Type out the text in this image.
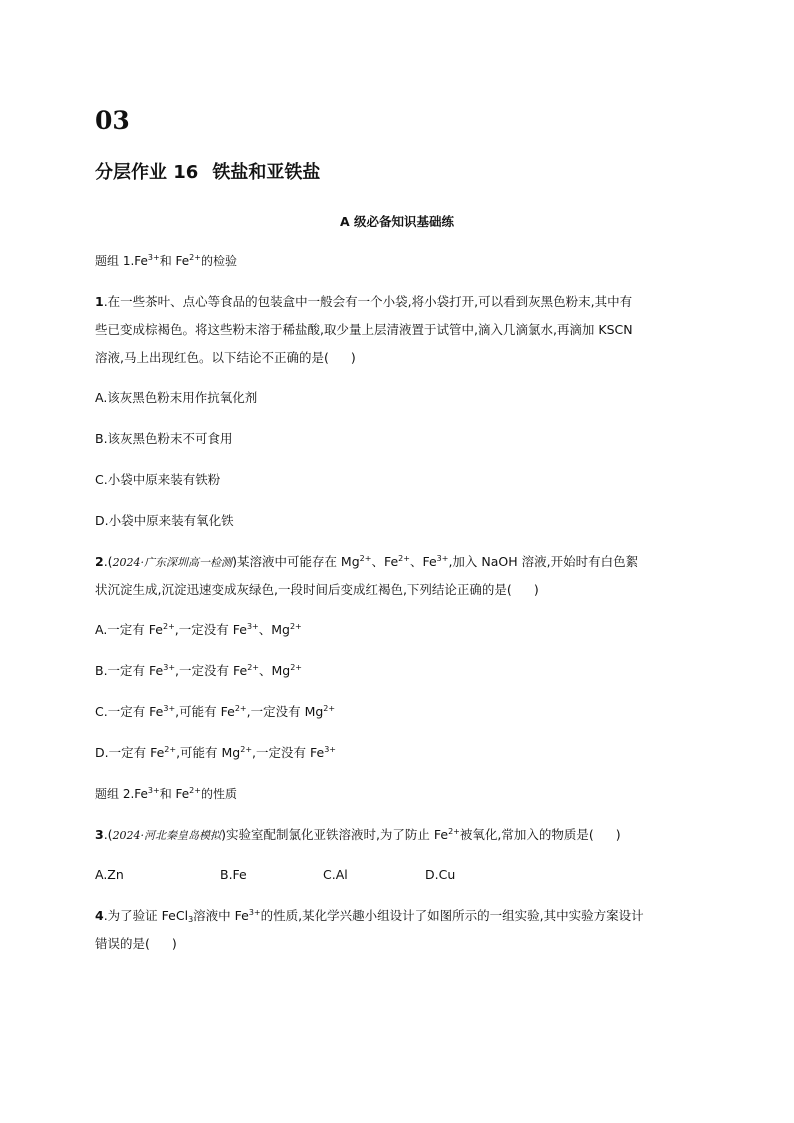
03
分层作业 16 铁盐和亚铁盐
A 级必备知识基础练
题组 $1.Fe^{3+}$和 $Fe^{2+}$的检验
1.在一些茶叶、点心等食品的包装盒中一般会有一个小袋,将小袋打开,可以看到灰黑色粉末,其中有
些已变成棕褐色。将这些粉末溶于稀盐酸,取少量上层清液置于试管中,滴入几滴氯水,再滴加 KSCN
溶液,马上出现红色。以下结论不正确的是( )
A.该灰黑色粉末用作抗氧化剂
B.该灰黑色粉末不可食用
C.小袋中原来装有铁粉
D.小袋中原来装有氧化铁
2.(2024·广东深圳高一检测)某溶液中可能存在 $Mg^{2+}$、$Fe^{2+}$、$Fe^{3+}$,加入 NaOH 溶液,开始时有白色絮
状沉淀生成,沉淀迅速变成灰绿色,一段时间后变成红褐色,下列结论正确的是( )
A.一定有 $Fe^{2+}$,一定没有 $Fe^{3+}$、$Mg^{2+}$
B.一定有 $Fe^{3+}$,一定没有 $Fe^{2+}$、$Mg^{2+}$
C.一定有 $Fe^{3+}$,可能有 $Fe^{2+}$,一定没有 $Mg^{2+}$
D.一定有 $Fe^{2+}$,可能有 $Mg^{2+}$,一定没有 $Fe^{3+}$
题组 $2.Fe^{3+}$和 $Fe^{2+}$的性质
3.(2024·河北秦皇岛模拟)实验室配制氯化亚铁溶液时,为了防止 $Fe^{2+}$被氧化,常加入的物质是( )
A.Zn	B.Fe	C.Al	D.Cu
4.为了验证 FeCl$_3$溶液中 $Fe^{3+}$的性质,某化学兴趣小组设计了如图所示的一组实验,其中实验方案设计
错误的是( )
